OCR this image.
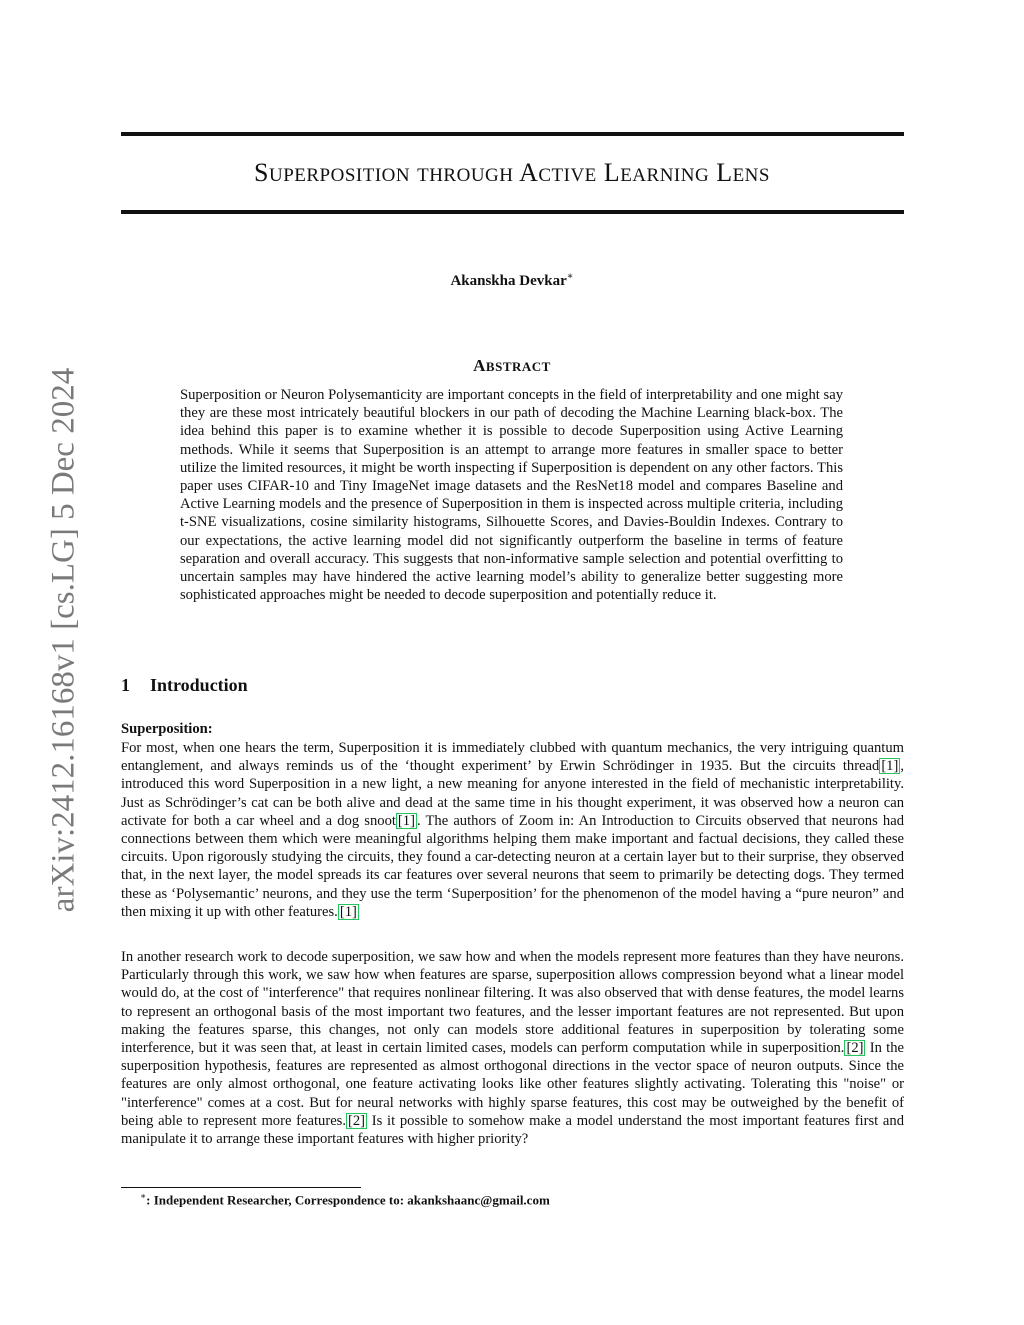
SUPERPOSITION THROUGH ACTIVE LEARNING LENS
Akanskha Devkar∗
ABSTRACT

Superposition or Neuron Polysemanticity are important concepts in the field of interpretability and one might say they are these most intricately beautiful blockers in our path of decoding the Machine Learning black-box. The idea behind this paper is to examine whether it is possible to decode Superposition using Active Learning methods. While it seems that Superposition is an attempt to arrange more features in smaller space to better utilize the limited resources, it might be worth inspecting if Superposition is dependent on any other factors. This paper uses CIFAR-10 and Tiny ImageNet image datasets and the ResNet18 model and compares Baseline and Active Learning models and the presence of Superposition in them is inspected across multiple criteria, including t-SNE visualizations, cosine similarity histograms, Silhouette Scores, and Davies-Bouldin Indexes. Contrary to our expectations, the active learning model did not significantly outperform the baseline in terms of feature separation and overall accuracy. This suggests that non-informative sample selection and potential overfitting to uncertain samples may have hindered the active learning model’s ability to generalize better suggesting more sophisticated approaches might be needed to decode superposition and potentially reduce it.

1 Introduction
Superposition:

For most, when one hears the term, Superposition it is immediately clubbed with quantum mechanics, the very intriguing quantum entanglement, and always reminds us of the ‘thought experiment’ by Erwin Schrödinger in 1935. But the circuits thread [1] , introduced this word Superposition in a new light, a new meaning for anyone interested in the field of mechanistic interpretability. Just as Schrödinger’s cat can be both alive and dead at the same time in his thought experiment, it was observed how a neuron can activate for both a car wheel and a dog snoot [1] . The authors of Zoom in: An Introduction to Circuits observed that neurons had connections between them which were meaningful algorithms helping them make important and factual decisions, they called these circuits. Upon rigorously studying the circuits, they found a car-detecting neuron at a certain layer but to their surprise, they observed that, in the next layer, the model spreads its car features over several neurons that seem to primarily be detecting dogs. They termed these as ‘Polysemantic’ neurons, and they use the term ‘Superposition’ for the phenomenon of the model having a “pure neuron” and then mixing it up with other features. [1]

In another research work to decode superposition, we saw how and when the models represent more features than they have neurons. Particularly through this work, we saw how when features are sparse, superposition allows compression beyond what a linear model would do, at the cost of "interference" that requires nonlinear filtering. It was also observed that with dense features, the model learns to represent an orthogonal basis of the most important two features, and the lesser important features are not represented. But upon making the features sparse, this changes, not only can models store additional features in superposition by tolerating some interference, but it was seen that, at least in certain limited cases, models can perform computation while in superposition. [2] In the superposition hypothesis, features are represented as almost orthogonal directions in the vector space of neuron outputs. Since the features are only almost orthogonal, one feature activating looks like other features slightly activating. Tolerating this "noise" or "interference" comes at a cost. But for neural networks with highly sparse features, this cost may be outweighed by the benefit of being able to represent more features. [2] Is it possible to somehow make a model understand the most important features first and manipulate it to arrange these important features with higher priority?

arXiv:2412.16168v1 [cs.LG] 5 Dec 2024
∗: Independent Researcher, Correspondence to: akankshaanc@gmail.com
